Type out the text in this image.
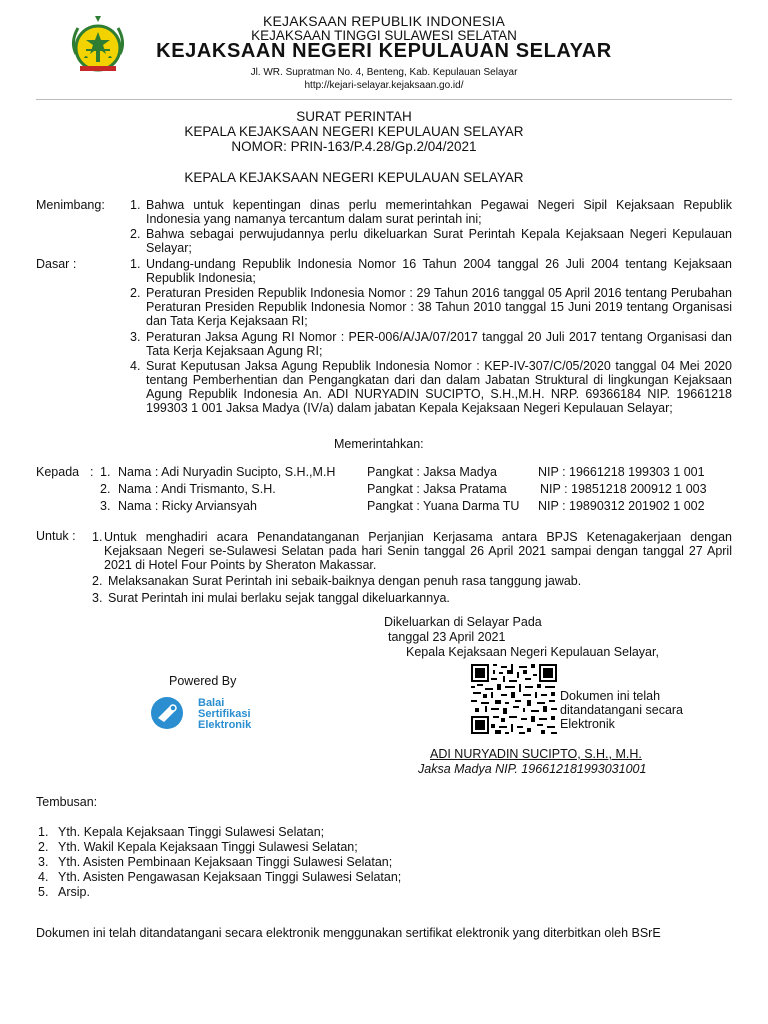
KEJAKSAAN REPUBLIK INDONESIA
KEJAKSAAN TINGGI SULAWESI SELATAN
KEJAKSAAN NEGERI KEPULAUAN SELAYAR
Jl. WR. Supratman No. 4, Benteng, Kab. Kepulauan Selayar
http://kejari-selayar.kejaksaan.go.id/
SURAT PERINTAH
KEPALA KEJAKSAAN NEGERI KEPULAUAN SELAYAR
NOMOR: PRIN-163/P.4.28/Gp.2/04/2021
KEPALA KEJAKSAAN NEGERI KEPULAUAN SELAYAR
Menimbang: 1. Bahwa untuk kepentingan dinas perlu memerintahkan Pegawai Negeri Sipil Kejaksaan Republik Indonesia yang namanya tercantum dalam surat perintah ini;
2. Bahwa sebagai perwujudannya perlu dikeluarkan Surat Perintah Kepala Kejaksaan Negeri Kepulauan Selayar;
Dasar :	1. Undang-undang Republik Indonesia Nomor 16 Tahun 2004 tanggal 26 Juli 2004 tentang Kejaksaan Republik Indonesia;
2. Peraturan Presiden Republik Indonesia Nomor : 29 Tahun 2016 tanggal 05 April 2016 tentang Perubahan Peraturan Presiden Republik Indonesia Nomor : 38 Tahun 2010 tanggal 15 Juni 2019 tentang Organisasi dan Tata Kerja Kejaksaan RI;
3. Peraturan Jaksa Agung RI Nomor : PER-006/A/JA/07/2017 tanggal 20 Juli 2017 tentang Organisasi dan Tata Kerja Kejaksaan Agung RI;
4. Surat Keputusan Jaksa Agung Republik Indonesia Nomor : KEP-IV-307/C/05/2020 tanggal 04 Mei 2020 tentang Pemberhentian dan Pengangkatan dari dan dalam Jabatan Struktural di lingkungan Kejaksaan Agung Republik Indonesia An. ADI NURYADIN SUCIPTO, S.H.,M.H. NRP. 69366184 NIP. 19661218 199303 1 001 Jaksa Madya (IV/a) dalam jabatan Kepala Kejaksaan Negeri Kepulauan Selayar;
Memerintahkan:
Kepada : 1. Nama : Adi Nuryadin Sucipto, S.H.,M.H	Pangkat : Jaksa Madya	NIP : 19661218 199303 1 001
2. Nama : Andi Trismanto, S.H.	Pangkat : Jaksa Pratama	NIP : 19851218 200912 1 003
3. Nama : Ricky Arviansyah	Pangkat : Yuana Darma TU NIP : 19890312 201902 1 002
Untuk : 1. Untuk menghadiri acara Penandatanganan Perjanjian Kerjasama antara BPJS Ketenagakerjaan dengan Kejaksaan Negeri se-Sulawesi Selatan pada hari Senin tanggal 26 April 2021 sampai dengan tanggal 27 April 2021 di Hotel Four Points by Sheraton Makassar.
2. Melaksanakan Surat Perintah ini sebaik-baiknya dengan penuh rasa tanggung jawab.
3. Surat Perintah ini mulai berlaku sejak tanggal dikeluarkannya.
Dikeluarkan di Selayar Pada
tanggal 23 April 2021
Kepala Kejaksaan Negeri Kepulauan Selayar,
Powered By
Balai
Sertifikasi
Elektronik
Dokumen ini telah ditandatangani secara Elektronik
ADI NURYADIN SUCIPTO, S.H., M.H.
Jaksa Madya NIP. 196612181993031001
Tembusan:
1. Yth. Kepala Kejaksaan Tinggi Sulawesi Selatan;
2. Yth. Wakil Kepala Kejaksaan Tinggi Sulawesi Selatan;
3. Yth. Asisten Pembinaan Kejaksaan Tinggi Sulawesi Selatan;
4. Yth. Asisten Pengawasan Kejaksaan Tinggi Sulawesi Selatan;
5. Arsip.
Dokumen ini telah ditandatangani secara elektronik menggunakan sertifikat elektronik yang diterbitkan oleh BSrE
